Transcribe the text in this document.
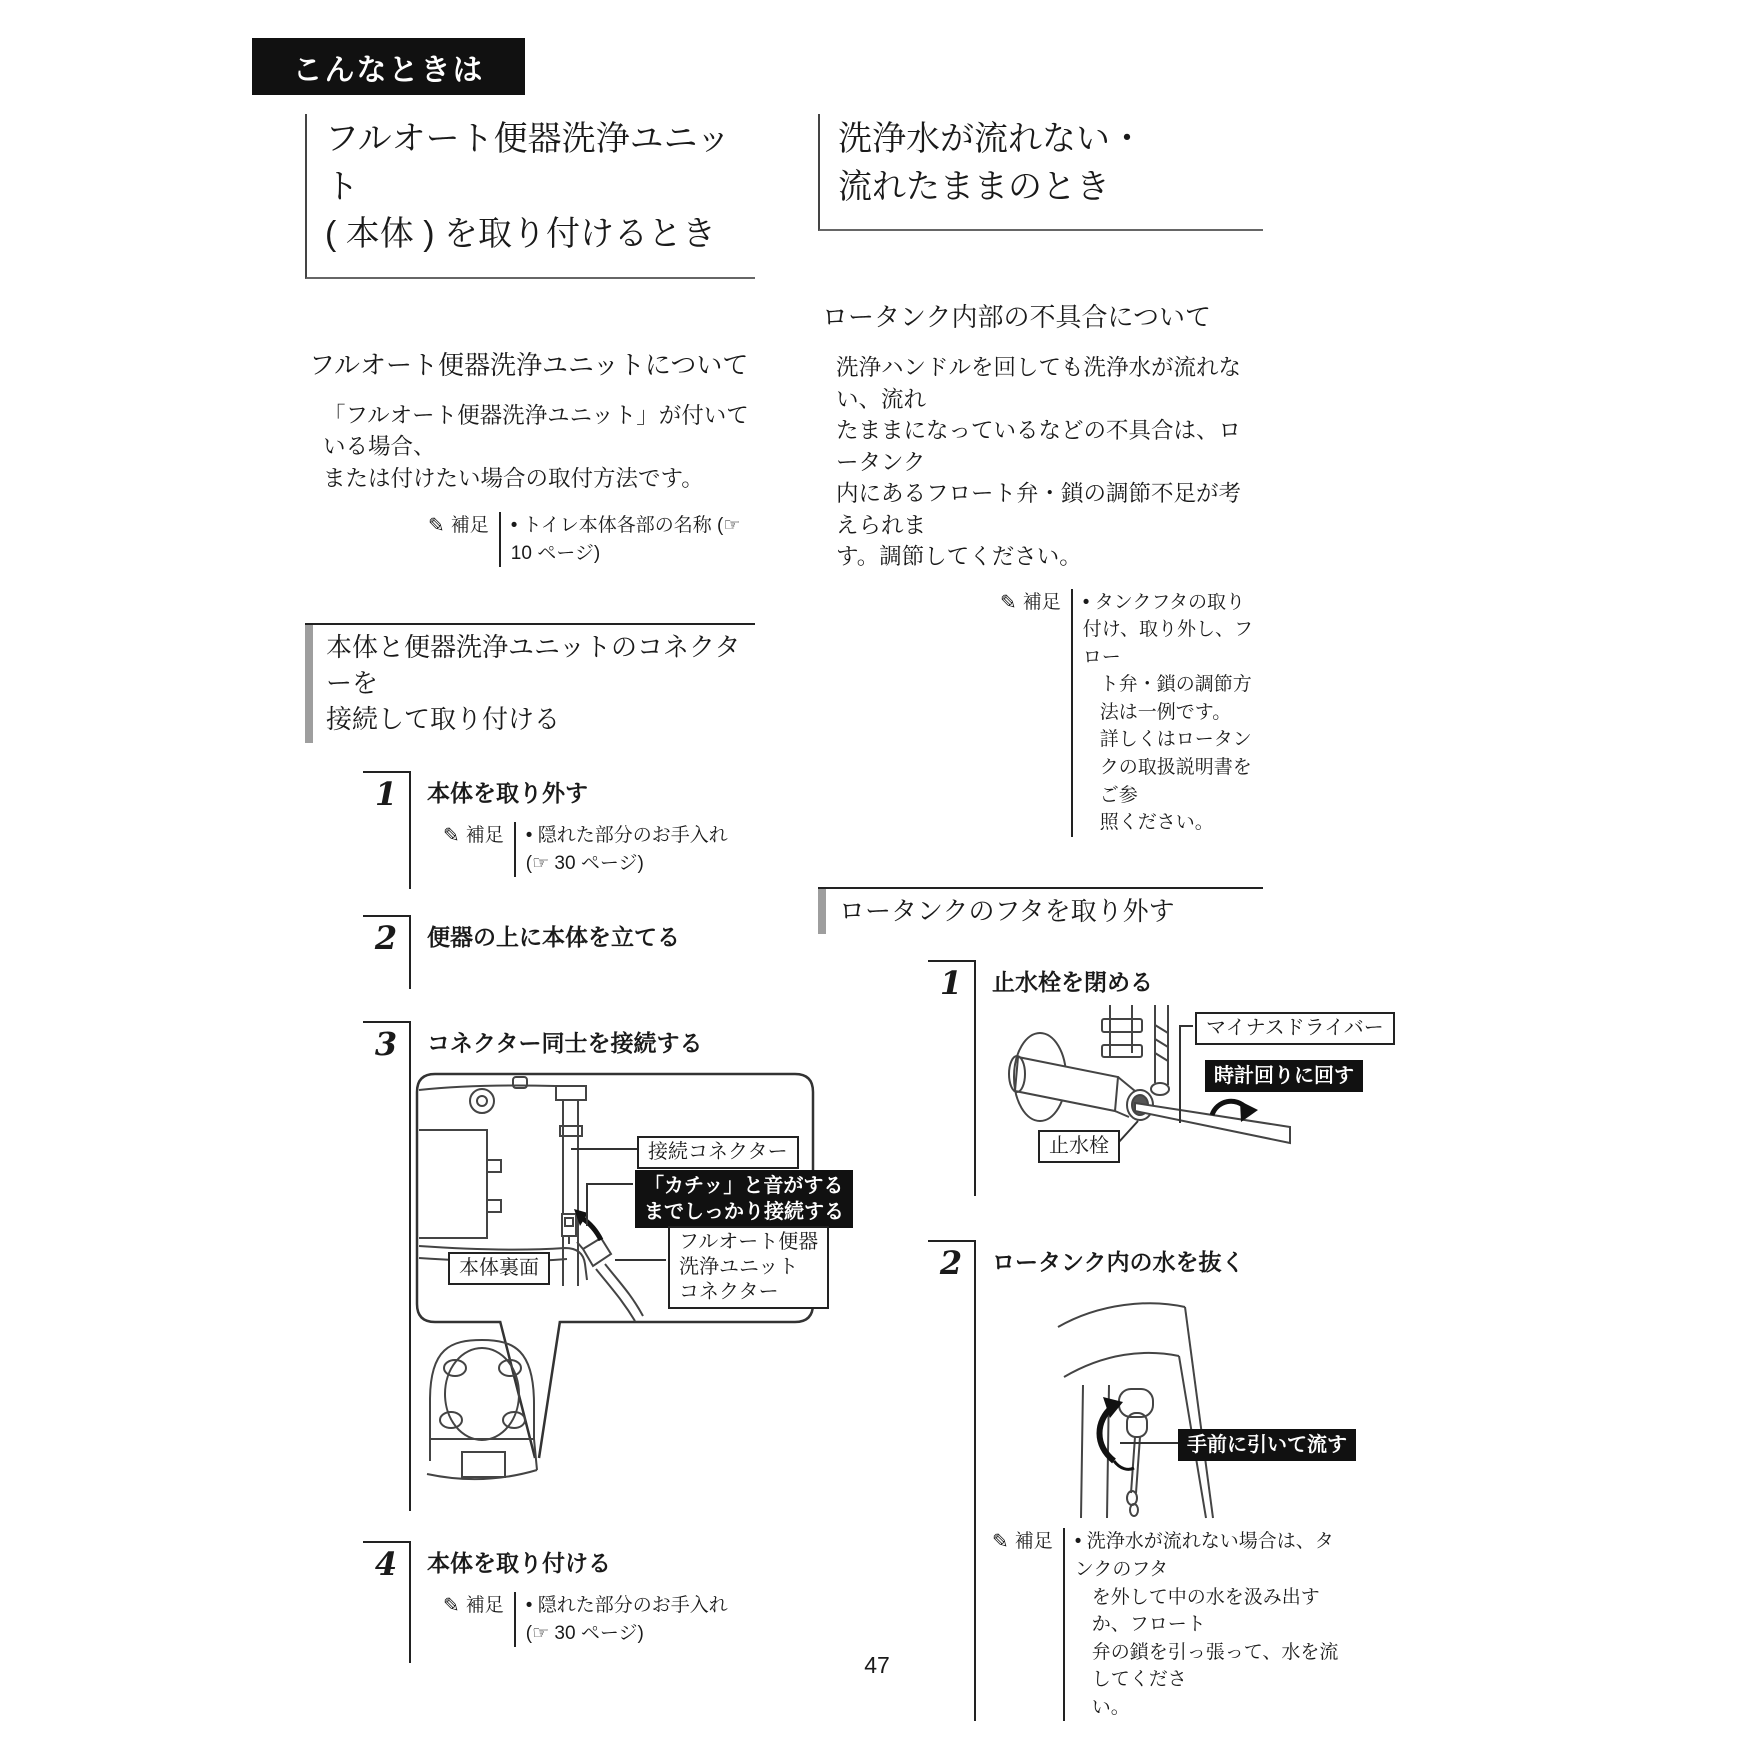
こんなときは
フルオート便器洗浄ユニット
( 本体 ) を取り付けるとき
フルオート便器洗浄ユニットについて
「フルオート便器洗浄ユニット」が付いている場合、
または付けたい場合の取付方法です。
✎ 補足 • トイレ本体各部の名称 (☞ 10 ページ)
本体と便器洗浄ユニットのコネクターを
接続して取り付ける
1	本体を取り外す
✎ 補足 • 隠れた部分のお手入れ (☞ 30 ページ)
2	便器の上に本体を立てる
3	コネクター同士を接続する
接続コネクター
「カチッ」と音がする
までしっかり接続する
フルオート便器
洗浄ユニット
コネクター
本体裏面
4	本体を取り付ける
✎ 補足 • 隠れた部分のお手入れ (☞ 30 ページ)
洗浄水が流れない・
流れたままのとき
ロータンク内部の不具合について
洗浄ハンドルを回しても洗浄水が流れない、流れ
たままになっているなどの不具合は、ロータンク
内にあるフロート弁・鎖の調節不足が考えられま
す。調節してください。
✎ 補足 • タンクフタの取り付け、取り外し、フロー
ト弁・鎖の調節方法は一例です。
詳しくはロータンクの取扱説明書をご参
照ください。
ロータンクのフタを取り外す
1	止水栓を閉める
マイナスドライバー
時計回りに回す
止水栓
2	ロータンク内の水を抜く
手前に引いて流す
✎ 補足 • 洗浄水が流れない場合は、タンクのフタ
を外して中の水を汲み出すか、フロート
弁の鎖を引っ張って、水を流してくださ
い。
47
